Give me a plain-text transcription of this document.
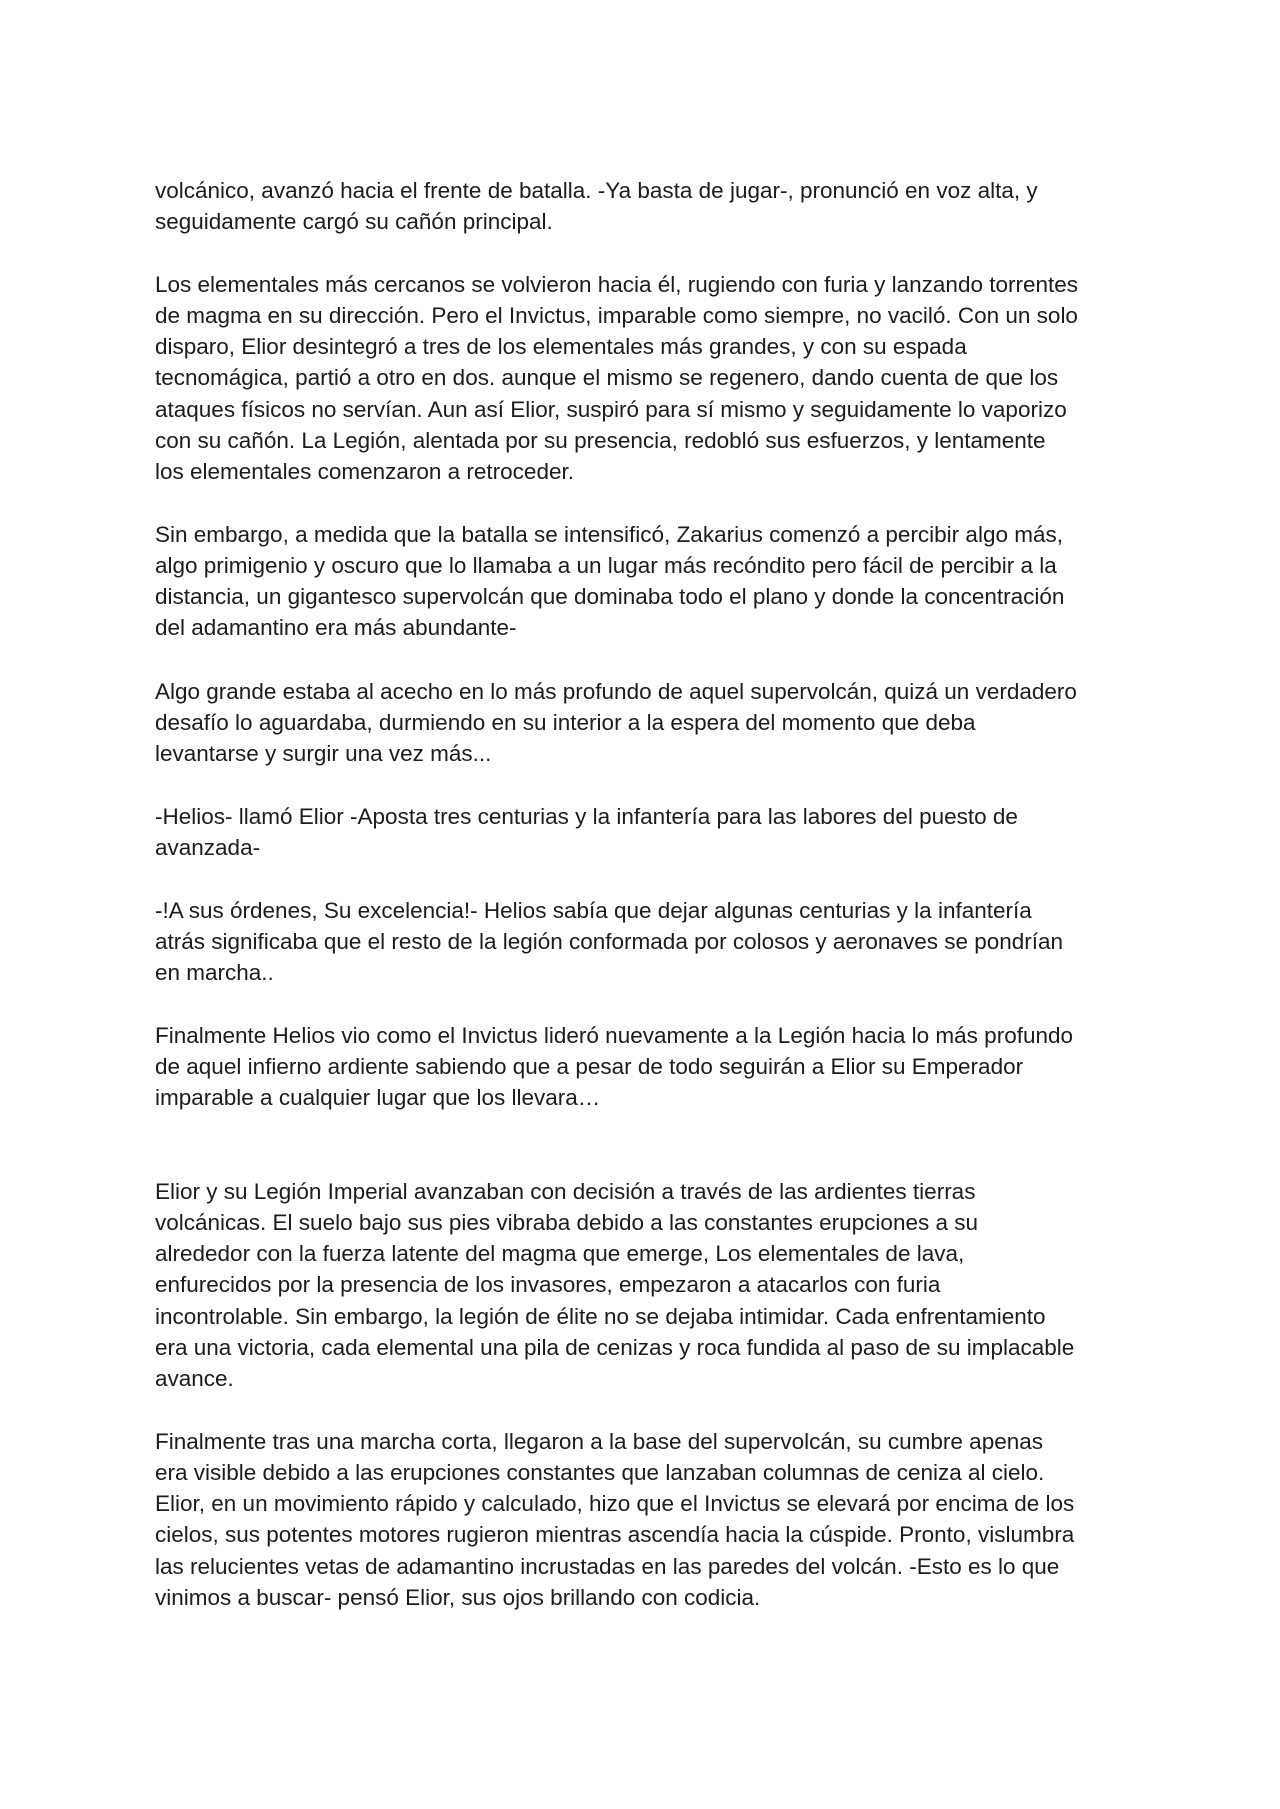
volcánico, avanzó hacia el frente de batalla. -Ya basta de jugar-, pronunció en voz alta, y
seguidamente cargó su cañón principal.

Los elementales más cercanos se volvieron hacia él, rugiendo con furia y lanzando torrentes
de magma en su dirección. Pero el Invictus, imparable como siempre, no vaciló. Con un solo
disparo, Elior desintegró a tres de los elementales más grandes, y con su espada
tecnomágica, partió a otro en dos. aunque el mismo se regenero, dando cuenta de que los
ataques físicos no servían. Aun así Elior, suspiró para sí mismo y seguidamente lo vaporizo
con su cañón. La Legión, alentada por su presencia, redobló sus esfuerzos, y lentamente
los elementales comenzaron a retroceder.

Sin embargo, a medida que la batalla se intensificó, Zakarius comenzó a percibir algo más,
algo primigenio y oscuro que lo llamaba a un lugar más recóndito pero fácil de percibir a la
distancia, un gigantesco supervolcán que dominaba todo el plano y donde la concentración
del adamantino era más abundante-

Algo grande estaba al acecho en lo más profundo de aquel supervolcán, quizá un verdadero
desafío lo aguardaba, durmiendo en su interior a la espera del momento que deba
levantarse y surgir una vez más...

-Helios- llamó Elior -Aposta tres centurias y la infantería para las labores del puesto de
avanzada-

-!A sus órdenes, Su excelencia!- Helios sabía que dejar algunas centurias y la infantería
atrás significaba que el resto de la legión conformada por colosos y aeronaves se pondrían
en marcha..

Finalmente Helios vio como el Invictus lideró nuevamente a la Legión hacia lo más profundo
de aquel infierno ardiente sabiendo que a pesar de todo seguirán a Elior su Emperador
imparable a cualquier lugar que los llevara…

Elior y su Legión Imperial avanzaban con decisión a través de las ardientes tierras
volcánicas. El suelo bajo sus pies vibraba debido a las constantes erupciones a su
alrededor con la fuerza latente del magma que emerge, Los elementales de lava,
enfurecidos por la presencia de los invasores, empezaron a atacarlos con furia
incontrolable. Sin embargo, la legión de élite no se dejaba intimidar. Cada enfrentamiento
era una victoria, cada elemental una pila de cenizas y roca fundida al paso de su implacable
avance.

Finalmente tras una marcha corta, llegaron a la base del supervolcán, su cumbre apenas
era visible debido a las erupciones constantes que lanzaban columnas de ceniza al cielo.
Elior, en un movimiento rápido y calculado, hizo que el Invictus se elevará por encima de los
cielos, sus potentes motores rugieron mientras ascendía hacia la cúspide. Pronto, vislumbra
las relucientes vetas de adamantino incrustadas en las paredes del volcán. -Esto es lo que
vinimos a buscar- pensó Elior, sus ojos brillando con codicia.
